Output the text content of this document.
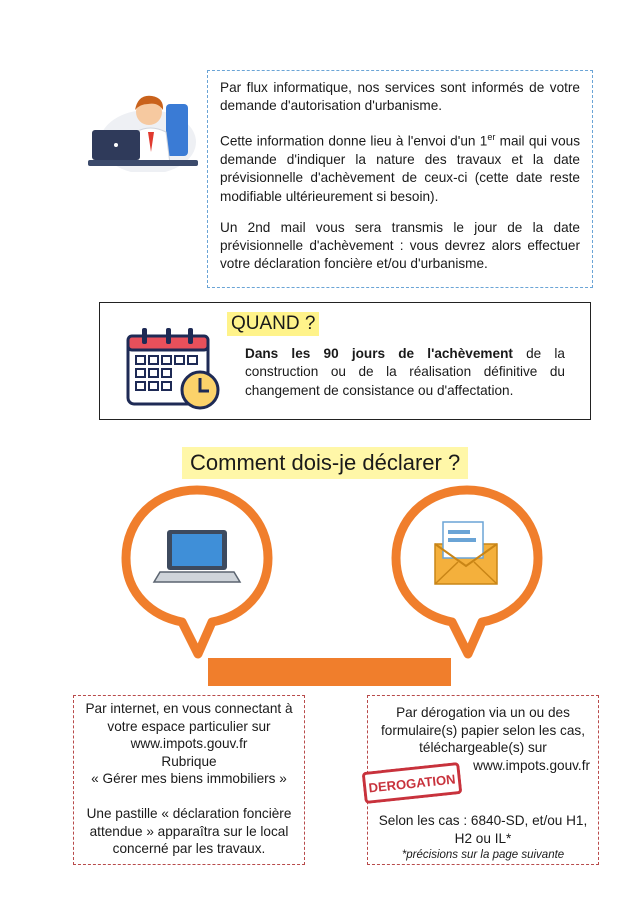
Par flux informatique, nos services sont informés de votre demande d'autorisation d'urbanisme.

Cette information donne lieu à l'envoi d'un 1er mail qui vous demande d'indiquer la nature des travaux et la date prévisionnelle d'achèvement de ceux-ci (cette date reste modifiable ultérieurement si besoin).

Un 2nd mail vous sera transmis le jour de la date prévisionnelle d'achèvement : vous devrez alors effectuer votre déclaration foncière et/ou d'urbanisme.

QUAND ?
Dans les 90 jours de l'achèvement de la construction ou de la réalisation définitive du changement de consistance ou d'affectation.
Comment dois-je déclarer ?

Par internet, en vous connectant à votre espace particulier sur

www.impots.gouv.fr

Rubrique

« Gérer mes biens immobiliers »

Une pastille « déclaration foncière attendue » apparaîtra sur le local concerné par les travaux.

Par dérogation via un ou des formulaire(s) papier selon les cas, téléchargeable(s) sur

www.impots.gouv.fr

Selon les cas : 6840-SD, et/ou H1, H2 ou IL*

*précisions sur la page suivante

DEROGATION
